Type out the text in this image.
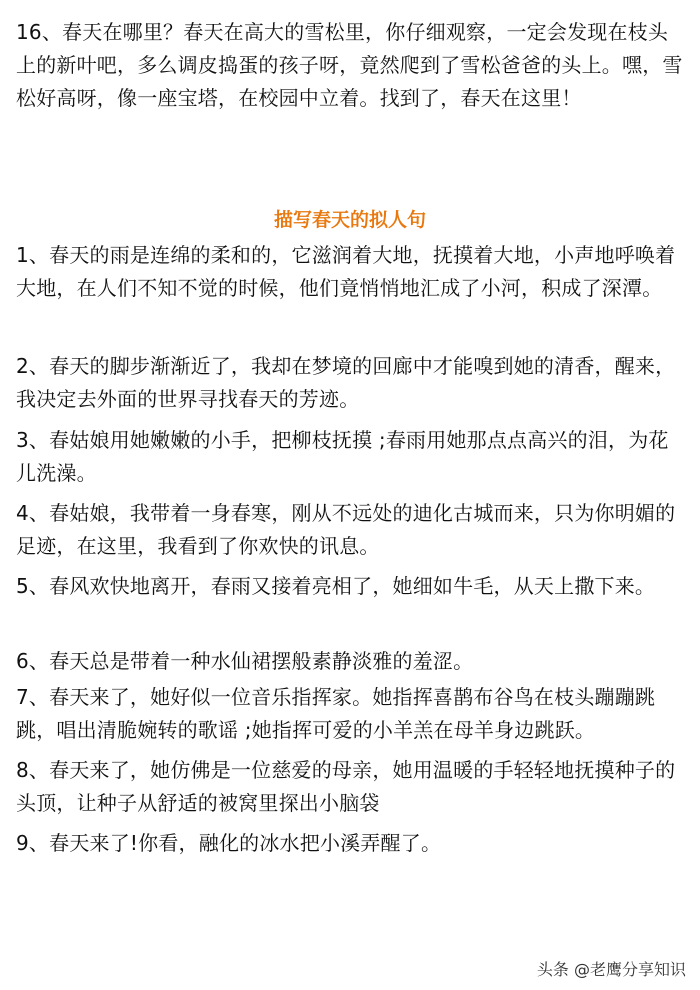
16、春天在哪里？春天在高大的雪松里，你仔细观察，一定会发现在枝头上的新叶吧，多么调皮捣蛋的孩子呀，竟然爬到了雪松爸爸的头上。嘿，雪松好高呀，像一座宝塔，在校园中立着。找到了，春天在这里！

描写春天的拟人句

1、春天的雨是连绵的柔和的，它滋润着大地，抚摸着大地，小声地呼唤着大地，在人们不知不觉的时候，他们竟悄悄地汇成了小河，积成了深潭。

2、春天的脚步渐渐近了，我却在梦境的回廊中才能嗅到她的清香，醒来，我决定去外面的世界寻找春天的芳迹。

3、春姑娘用她嫩嫩的小手，把柳枝抚摸 ;春雨用她那点点高兴的泪，为花儿洗澡。

4、春姑娘，我带着一身春寒，刚从不远处的迪化古城而来，只为你明媚的足迹，在这里，我看到了你欢快的讯息。

5、春风欢快地离开，春雨又接着亮相了，她细如牛毛，从天上撒下来。

6、春天总是带着一种水仙裙摆般素静淡雅的羞涩。

7、春天来了，她好似一位音乐指挥家。她指挥喜鹊布谷鸟在枝头蹦蹦跳跳，唱出清脆婉转的歌谣 ;她指挥可爱的小羊羔在母羊身边跳跃。

8、春天来了，她仿佛是一位慈爱的母亲，她用温暖的手轻轻地抚摸种子的头顶，让种子从舒适的被窝里探出小脑袋

9、春天来了!你看，融化的冰水把小溪弄醒了。

头条 @老鹰分享知识
